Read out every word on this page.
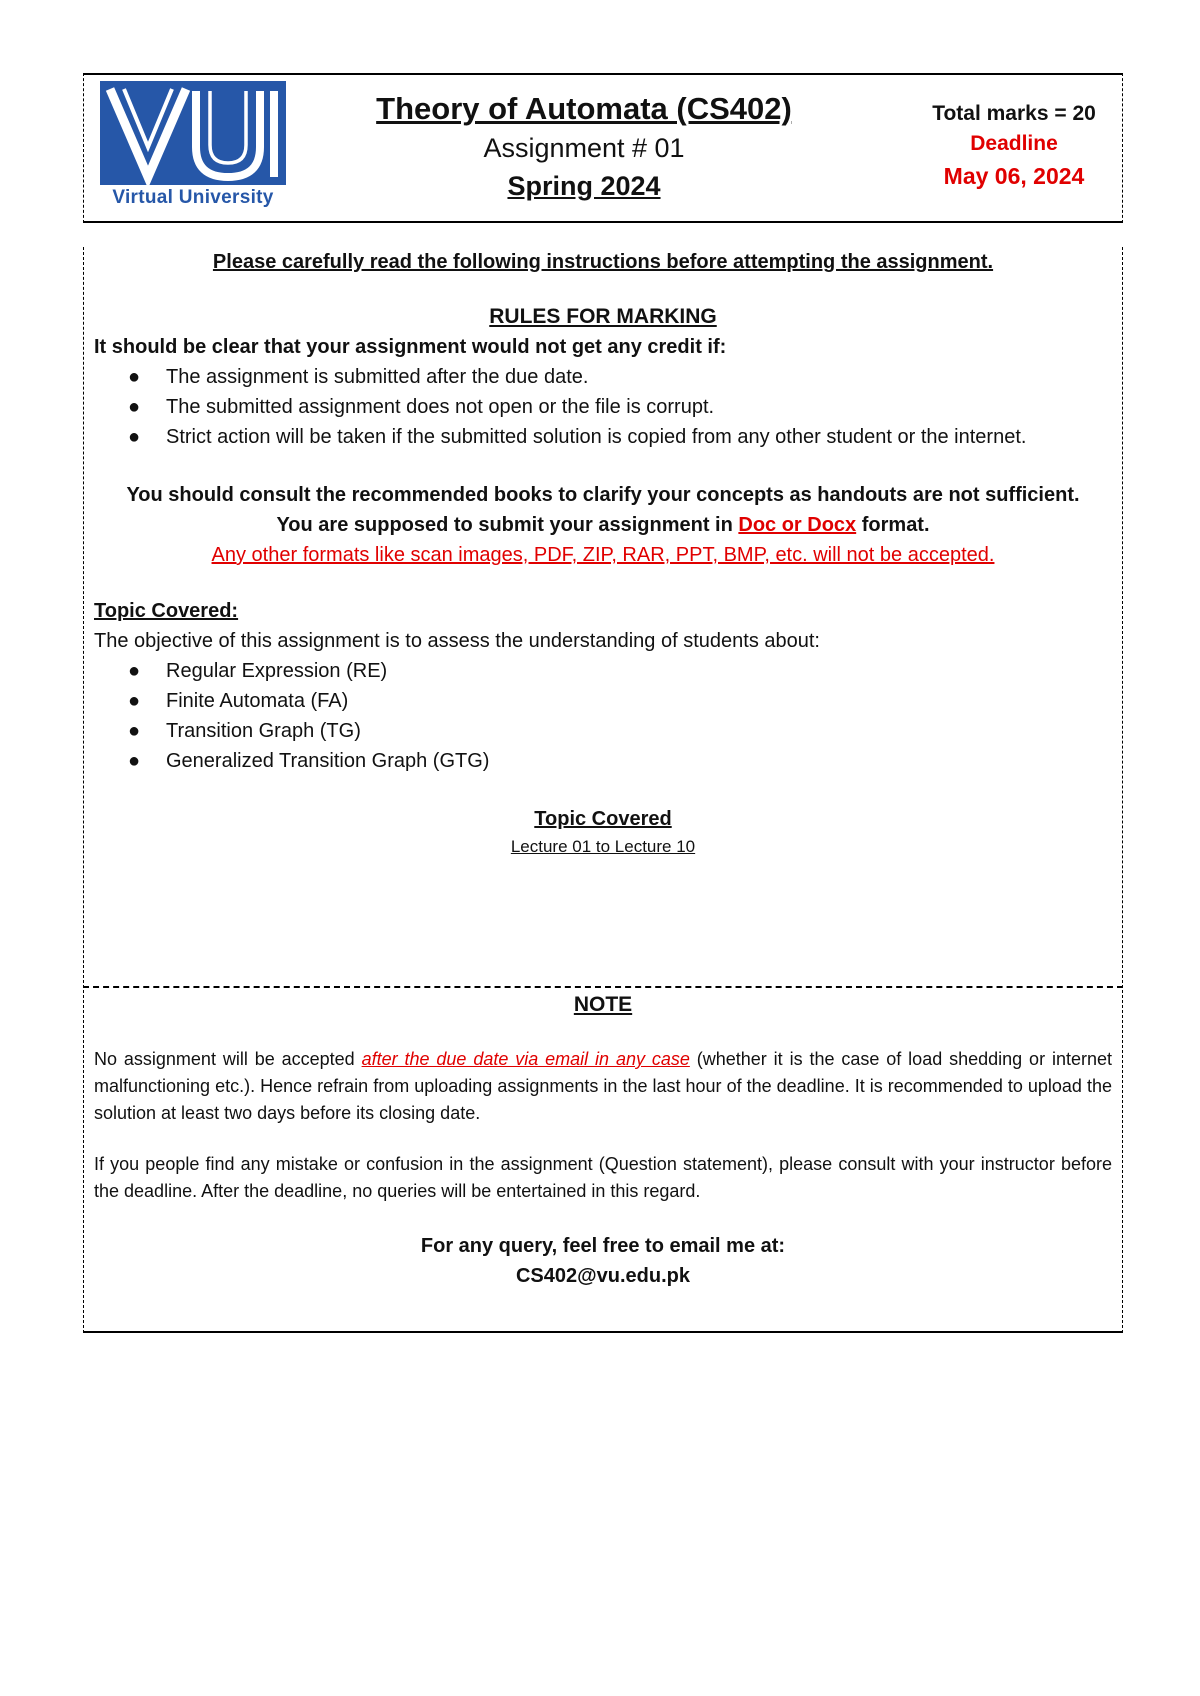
Virtual University
Theory of Automata (CS402)
Assignment # 01
Spring 2024
Total marks = 20
Deadline
May 06, 2024
Please carefully read the following instructions before attempting the assignment.
RULES FOR MARKING
It should be clear that your assignment would not get any credit if:
● The assignment is submitted after the due date.
● The submitted assignment does not open or the file is corrupt.
● Strict action will be taken if the submitted solution is copied from any other student or the internet.
You should consult the recommended books to clarify your concepts as handouts are not sufficient.
You are supposed to submit your assignment in Doc or Docx format.
Any other formats like scan images, PDF, ZIP, RAR, PPT, BMP, etc. will not be accepted.
Topic Covered:
The objective of this assignment is to assess the understanding of students about:
● Regular Expression (RE)
● Finite Automata (FA)
● Transition Graph (TG)
● Generalized Transition Graph (GTG)
Topic Covered
Lecture 01 to Lecture 10
NOTE
No assignment will be accepted after the due date via email in any case (whether it is the case of load shedding or internet malfunctioning etc.). Hence refrain from uploading assignments in the last hour of the deadline. It is recommended to upload the solution at least two days before its closing date.
If you people find any mistake or confusion in the assignment (Question statement), please consult with your instructor before the deadline. After the deadline, no queries will be entertained in this regard.
For any query, feel free to email me at:
CS402@vu.edu.pk
